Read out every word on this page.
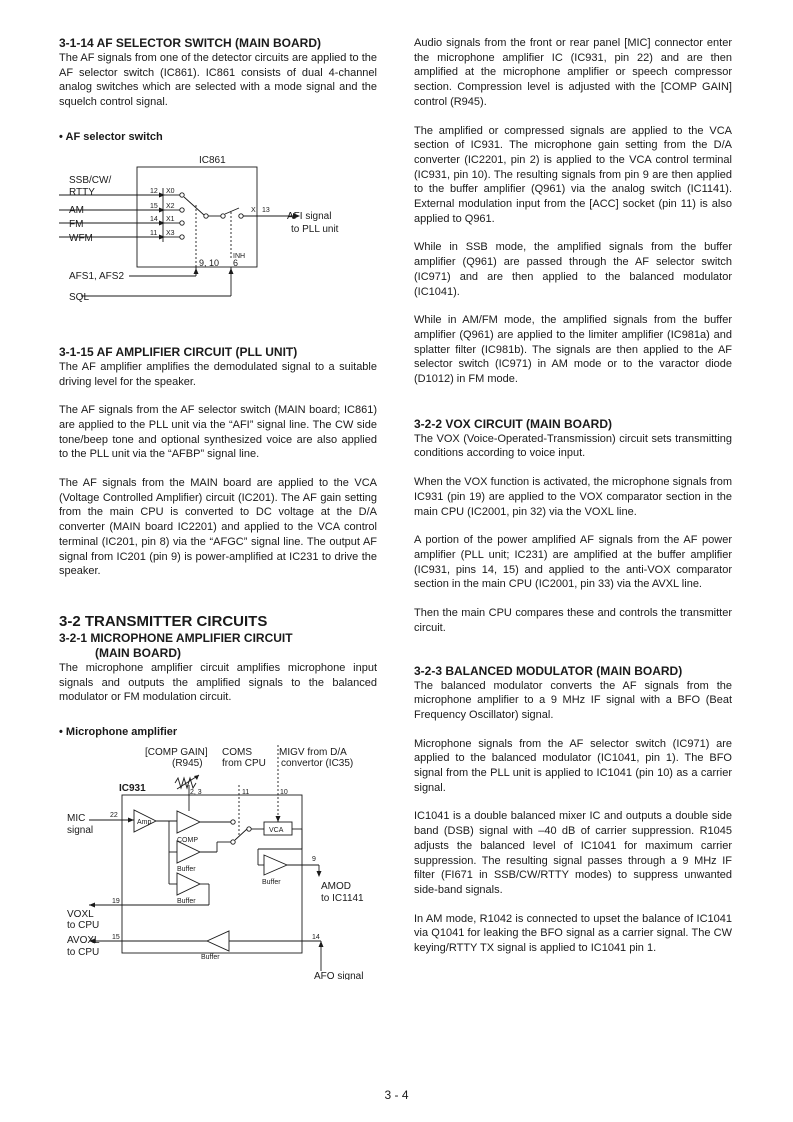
3-1-14 AF SELECTOR SWITCH (MAIN BOARD)

The AF signals from one of the detector circuits are applied to the AF selector switch (IC861). IC861 consists of dual 4-channel analog switches which are selected with a mode signal and the squelch control signal.

• AF selector switch
IC861
SSB/CW/
RTTY
AM
FM
WFM
AFI signal
to PLL unit
AFS1, AFS2
SQL
12
15
14
11
X0
X2
X1
X3
X 13
INH
9, 10 6
3-1-15 AF AMPLIFIER CIRCUIT (PLL UNIT)

The AF amplifier amplifies the demodulated signal to a suitable driving level for the speaker.

The AF signals from the AF selector switch (MAIN board; IC861) are applied to the PLL unit via the “AFI” signal line. The CW side tone/beep tone and optional synthesized voice are also applied to the PLL unit via the “AFBP” signal line.

The AF signals from the MAIN board are applied to the VCA (Voltage Controlled Amplifier) circuit (IC201). The AF gain setting from the main CPU is converted to DC voltage at the D/A converter (MAIN board IC2201) and applied to the VCA control terminal (IC201, pin 8) via the “AFGC” signal line. The output AF signal from IC201 (pin 9) is power-amplified at IC231 to drive the speaker.

3-2 TRANSMITTER CIRCUITS
3-2-1 MICROPHONE AMPLIFIER CIRCUIT
(MAIN BOARD)

The microphone amplifier circuit amplifies microphone input signals and outputs the amplified signals to the balanced modulator or FM modulation circuit.

• Microphone amplifier
[COMP GAIN]
(R945)
COMS
from CPU
MIGV from D/A
convertor (IC35)
IC931
MIC
signal
AMOD
to IC1141
VOXL
to CPU
AVOXL
to CPU
AFO signal
2, 3	11	10
22
Amp
COMP
VCA
9
Buffer
Buffer
Buffer
Buffer
19
15	14

Audio signals from the front or rear panel [MIC] connector enter the microphone amplifier IC (IC931, pin 22) and are then amplified at the microphone amplifier or speech compressor section. Compression level is adjusted with the [COMP GAIN] control (R945).

The amplified or compressed signals are applied to the VCA section of IC931. The microphone gain setting from the D/A converter (IC2201, pin 2) is applied to the VCA control terminal (IC931, pin 10). The resulting signals from pin 9 are then applied to the buffer amplifier (Q961) via the analog switch (IC1141). External modulation input from the [ACC] socket (pin 11) is also applied to Q961.

While in SSB mode, the amplified signals from the buffer amplifier (Q961) are passed through the AF selector switch (IC971) and are then applied to the balanced modulator (IC1041).

While in AM/FM mode, the amplified signals from the buffer amplifier (Q961) are applied to the limiter amplifier (IC981a) and splatter filter (IC981b). The signals are then applied to the AF selector switch (IC971) in AM mode or to the varactor diode (D1012) in FM mode.

3-2-2 VOX CIRCUIT (MAIN BOARD)

The VOX (Voice-Operated-Transmission) circuit sets transmitting conditions according to voice input.

When the VOX function is activated, the microphone signals from IC931 (pin 19) are applied to the VOX comparator section in the main CPU (IC2001, pin 32) via the VOXL line.

A portion of the power amplified AF signals from the AF power amplifier (PLL unit; IC231) are amplified at the buffer amplifier (IC931, pins 14, 15) and applied to the anti-VOX comparator section in the main CPU (IC2001, pin 33) via the AVXL line.

Then the main CPU compares these and controls the transmitter circuit.

3-2-3 BALANCED MODULATOR (MAIN BOARD)

The balanced modulator converts the AF signals from the microphone amplifier to a 9 MHz IF signal with a BFO (Beat Frequency Oscillator) signal.

Microphone signals from the AF selector switch (IC971) are applied to the balanced modulator (IC1041, pin 1). The BFO signal from the PLL unit is applied to IC1041 (pin 10) as a carrier signal.

IC1041 is a double balanced mixer IC and outputs a double side band (DSB) signal with –40 dB of carrier suppression. R1045 adjusts the balanced level of IC1041 for maximum carrier suppression. The resulting signal passes through a 9 MHz IF filter (FI671 in SSB/CW/RTTY modes) to suppress unwanted side-band signals.

In AM mode, R1042 is connected to upset the balance of IC1041 via Q1041 for leaking the BFO signal as a carrier signal. The CW keying/RTTY TX signal is applied to IC1041 pin 1.

3 - 4
